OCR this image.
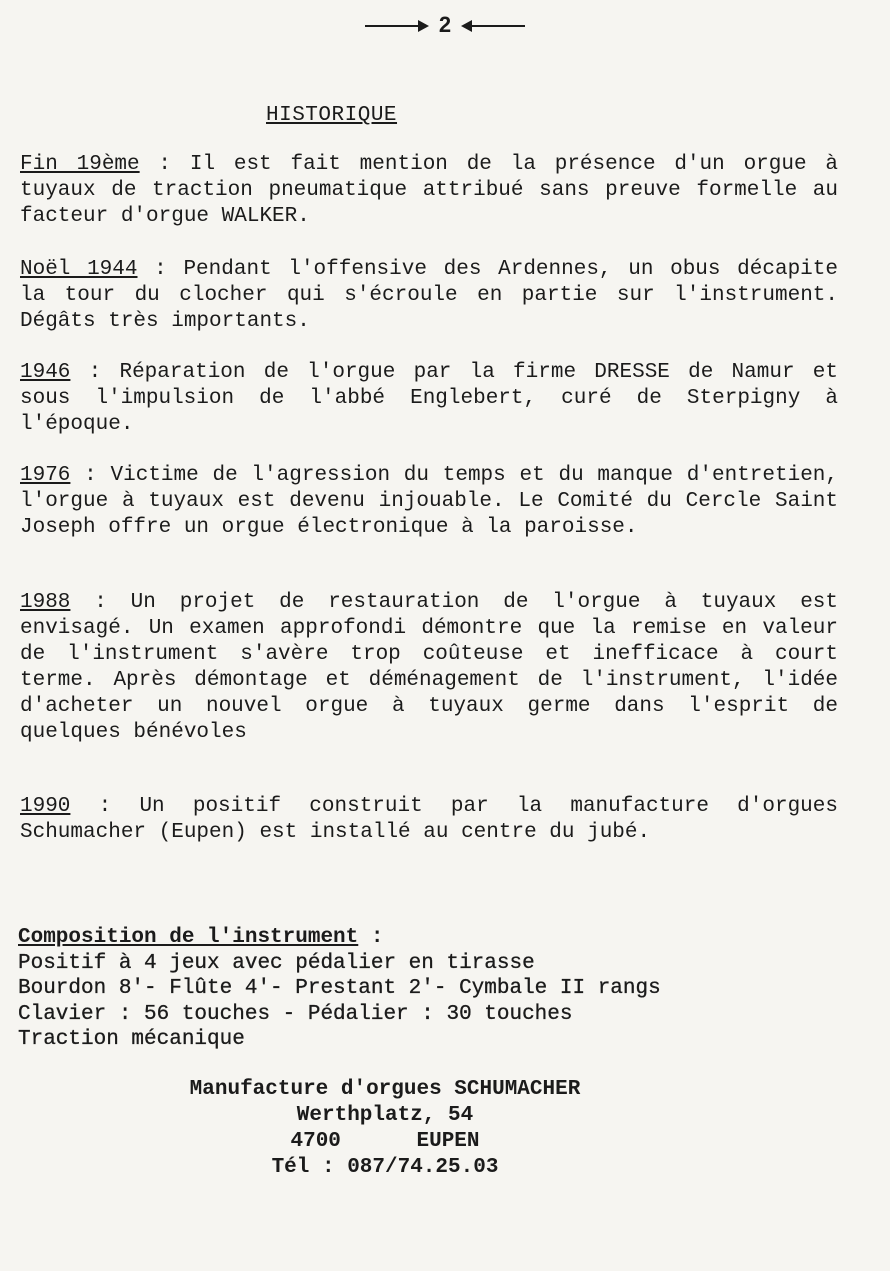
2
HISTORIQUE
Fin 19ème : Il est fait mention de la présence d'un orgue à tuyaux de traction pneumatique attribué sans preuve formelle au facteur d'orgue WALKER.
Noël 1944 : Pendant l'offensive des Ardennes, un obus décapite la tour du clocher qui s'écroule en partie sur l'instrument. Dégâts très importants.
1946 : Réparation de l'orgue par la firme DRESSE de Namur et sous l'impulsion de l'abbé Englebert, curé de Sterpigny à l'époque.
1976 : Victime de l'agression du temps et du manque d'entretien, l'orgue à tuyaux est devenu injouable. Le Comité du Cercle Saint Joseph offre un orgue électronique à la paroisse.
1988 : Un projet de restauration de l'orgue à tuyaux est envisagé. Un examen approfondi démontre que la remise en valeur de l'instrument s'avère trop coûteuse et inefficace à court terme. Après démontage et déménagement de l'instrument, l'idée d'acheter un nouvel orgue à tuyaux germe dans l'esprit de quelques bénévoles
1990 : Un positif construit par la manufacture d'orgues Schumacher (Eupen) est installé au centre du jubé.
Composition de l'instrument :
Positif à 4 jeux avec pédalier en tirasse
Bourdon 8'- Flûte 4'- Prestant 2'- Cymbale II rangs
Clavier : 56 touches - Pédalier : 30 touches
Traction mécanique
Manufacture d'orgues SCHUMACHER
Werthplatz, 54
4700      EUPEN
Tél : 087/74.25.03
